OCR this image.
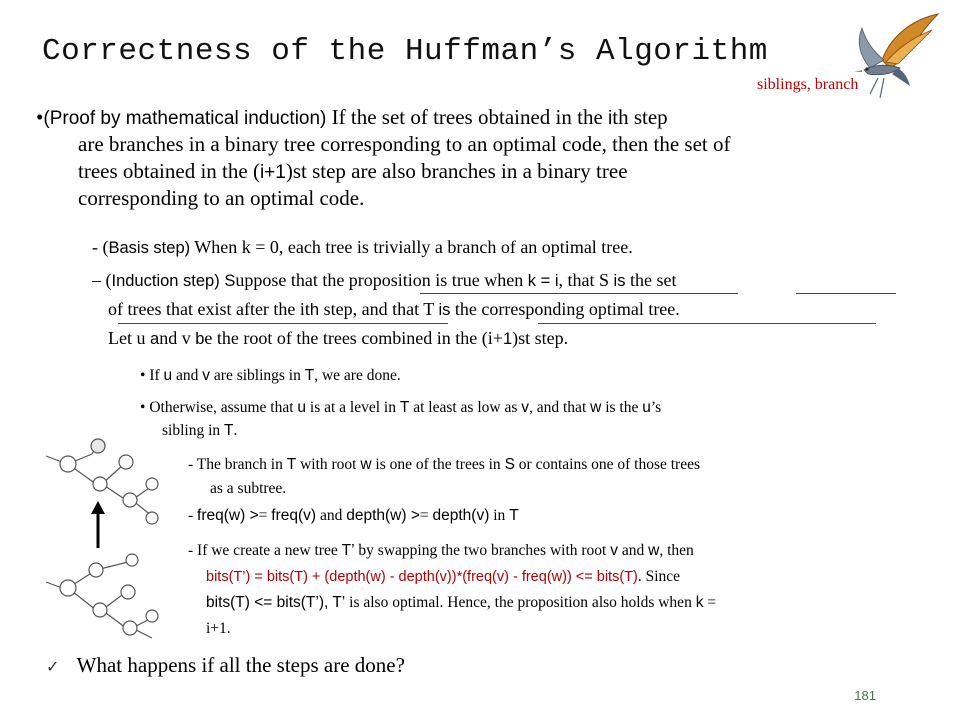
Correctness of the Huffman’s Algorithm
siblings, branch
•(Proof by mathematical induction) If the set of trees obtained in the ith step
are branches in a binary tree corresponding to an optimal code, then the set of
trees obtained in the (i+1)st step are also branches in a binary tree
corresponding to an optimal code.
- (Basis step) When k = 0, each tree is trivially a branch of an optimal tree.
– (Induction step) Suppose that the proposition is true when k = i, that S is the set
of trees that exist after the ith step, and that T is the corresponding optimal tree.
Let u and v be the root of the trees combined in the (i+1)st step.
• If u and v are siblings in T, we are done.
• Otherwise, assume that u is at a level in T at least as low as v, and that w is the u’s
sibling in T.
- The branch in T with root w is one of the trees in S or contains one of those trees
as a subtree.
- freq(w) >= freq(v) and depth(w) >= depth(v) in T
- If we create a new tree T’ by swapping the two branches with root v and w, then
bits(T’) = bits(T) + (depth(w) - depth(v))*(freq(v) - freq(w)) <= bits(T). Since
bits(T) <= bits(T’), T’ is also optimal. Hence, the proposition also holds when k =
i+1.
✓ What happens if all the steps are done?
181
